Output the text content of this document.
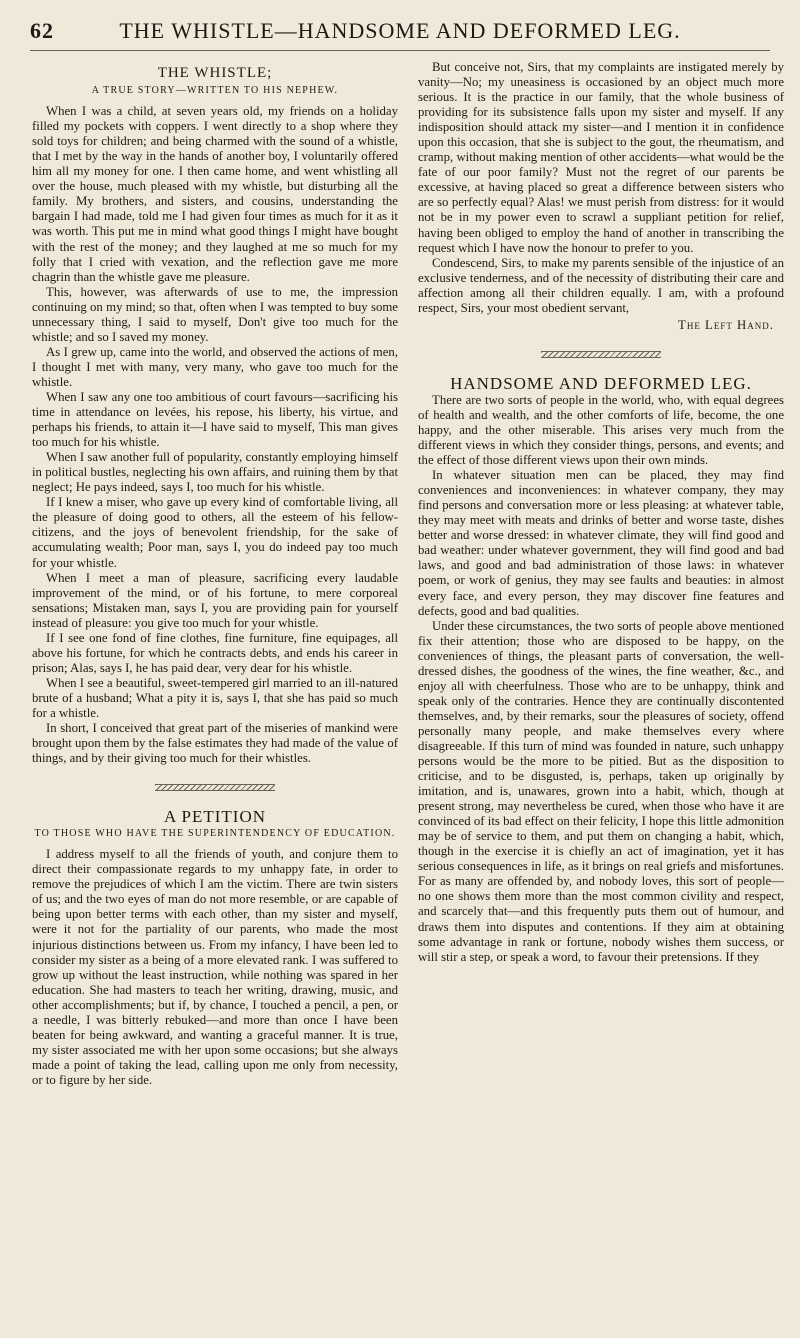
62	THE WHISTLE—HANDSOME AND DEFORMED LEG.
THE WHISTLE;
A TRUE STORY—WRITTEN TO HIS NEPHEW.

When I was a child, at seven years old, my friends on a holiday filled my pockets with coppers. I went directly to a shop where they sold toys for children; and being charmed with the sound of a whistle, that I met by the way in the hands of another boy, I voluntarily offered him all my money for one. I then came home, and went whistling all over the house, much pleased with my whistle, but disturbing all the family. My brothers, and sisters, and cousins, understanding the bargain I had made, told me I had given four times as much for it as it was worth. This put me in mind what good things I might have bought with the rest of the money; and they laughed at me so much for my folly that I cried with vexation, and the reflection gave me more chagrin than the whistle gave me pleasure.

This, however, was afterwards of use to me, the impression continuing on my mind; so that, often when I was tempted to buy some unnecessary thing, I said to myself, Don't give too much for the whistle; and so I saved my money.

As I grew up, came into the world, and observed the actions of men, I thought I met with many, very many, who gave too much for the whistle.

When I saw any one too ambitious of court favours—sacrificing his time in attendance on levées, his repose, his liberty, his virtue, and perhaps his friends, to attain it—I have said to myself, This man gives too much for his whistle.

When I saw another full of popularity, constantly employing himself in political bustles, neglecting his own affairs, and ruining them by that neglect; He pays indeed, says I, too much for his whistle.

If I knew a miser, who gave up every kind of comfortable living, all the pleasure of doing good to others, all the esteem of his fellow-citizens, and the joys of benevolent friendship, for the sake of accumulating wealth; Poor man, says I, you do indeed pay too much for your whistle.

When I meet a man of pleasure, sacrificing every laudable improvement of the mind, or of his fortune, to mere corporeal sensations; Mistaken man, says I, you are providing pain for yourself instead of pleasure: you give too much for your whistle.

If I see one fond of fine clothes, fine furniture, fine equipages, all above his fortune, for which he contracts debts, and ends his career in prison; Alas, says I, he has paid dear, very dear for his whistle.

When I see a beautiful, sweet-tempered girl married to an ill-natured brute of a husband; What a pity it is, says I, that she has paid so much for a whistle.

In short, I conceived that great part of the miseries of mankind were brought upon them by the false estimates they had made of the value of things, and by their giving too much for their whistles.

A PETITION
TO THOSE WHO HAVE THE SUPERINTENDENCY OF EDUCATION.

I address myself to all the friends of youth, and conjure them to direct their compassionate regards to my unhappy fate, in order to remove the prejudices of which I am the victim. There are twin sisters of us; and the two eyes of man do not more resemble, or are capable of being upon better terms with each other, than my sister and myself, were it not for the partiality of our parents, who made the most injurious distinctions between us. From my infancy, I have been led to consider my sister as a being of a more elevated rank. I was suffered to grow up without the least instruction, while nothing was spared in her education. She had masters to teach her writing, drawing, music, and other accomplishments; but if, by chance, I touched a pencil, a pen, or a needle, I was bitterly rebuked—and more than once I have been beaten for being awkward, and wanting a graceful manner. It is true, my sister associated me with her upon some occasions; but she always made a point of taking the lead, calling upon me only from necessity, or to figure by her side.

But conceive not, Sirs, that my complaints are instigated merely by vanity—No; my uneasiness is occasioned by an object much more serious. It is the practice in our family, that the whole business of providing for its subsistence falls upon my sister and myself. If any indisposition should attack my sister—and I mention it in confidence upon this occasion, that she is subject to the gout, the rheumatism, and cramp, without making mention of other accidents—what would be the fate of our poor family? Must not the regret of our parents be excessive, at having placed so great a difference between sisters who are so perfectly equal? Alas! we must perish from distress: for it would not be in my power even to scrawl a suppliant petition for relief, having been obliged to employ the hand of another in transcribing the request which I have now the honour to prefer to you.

Condescend, Sirs, to make my parents sensible of the injustice of an exclusive tenderness, and of the necessity of distributing their care and affection among all their children equally. I am, with a profound respect, Sirs, your most obedient servant,

The Left Hand.
HANDSOME AND DEFORMED LEG.

There are two sorts of people in the world, who, with equal degrees of health and wealth, and the other comforts of life, become, the one happy, and the other miserable. This arises very much from the different views in which they consider things, persons, and events; and the effect of those different views upon their own minds.

In whatever situation men can be placed, they may find conveniences and inconveniences: in whatever company, they may find persons and conversation more or less pleasing: at whatever table, they may meet with meats and drinks of better and worse taste, dishes better and worse dressed: in whatever climate, they will find good and bad weather: under whatever government, they will find good and bad laws, and good and bad administration of those laws: in whatever poem, or work of genius, they may see faults and beauties: in almost every face, and every person, they may discover fine features and defects, good and bad qualities.

Under these circumstances, the two sorts of people above mentioned fix their attention; those who are disposed to be happy, on the conveniences of things, the pleasant parts of conversation, the well-dressed dishes, the goodness of the wines, the fine weather, &c., and enjoy all with cheerfulness. Those who are to be unhappy, think and speak only of the contraries. Hence they are continually discontented themselves, and, by their remarks, sour the pleasures of society, offend personally many people, and make themselves every where disagreeable. If this turn of mind was founded in nature, such unhappy persons would be the more to be pitied. But as the disposition to criticise, and to be disgusted, is, perhaps, taken up originally by imitation, and is, unawares, grown into a habit, which, though at present strong, may nevertheless be cured, when those who have it are convinced of its bad effect on their felicity, I hope this little admonition may be of service to them, and put them on changing a habit, which, though in the exercise it is chiefly an act of imagination, yet it has serious consequences in life, as it brings on real griefs and misfortunes. For as many are offended by, and nobody loves, this sort of people—no one shows them more than the most common civility and respect, and scarcely that—and this frequently puts them out of humour, and draws them into disputes and contentions. If they aim at obtaining some advantage in rank or fortune, nobody wishes them success, or will stir a step, or speak a word, to favour their pretensions. If they
